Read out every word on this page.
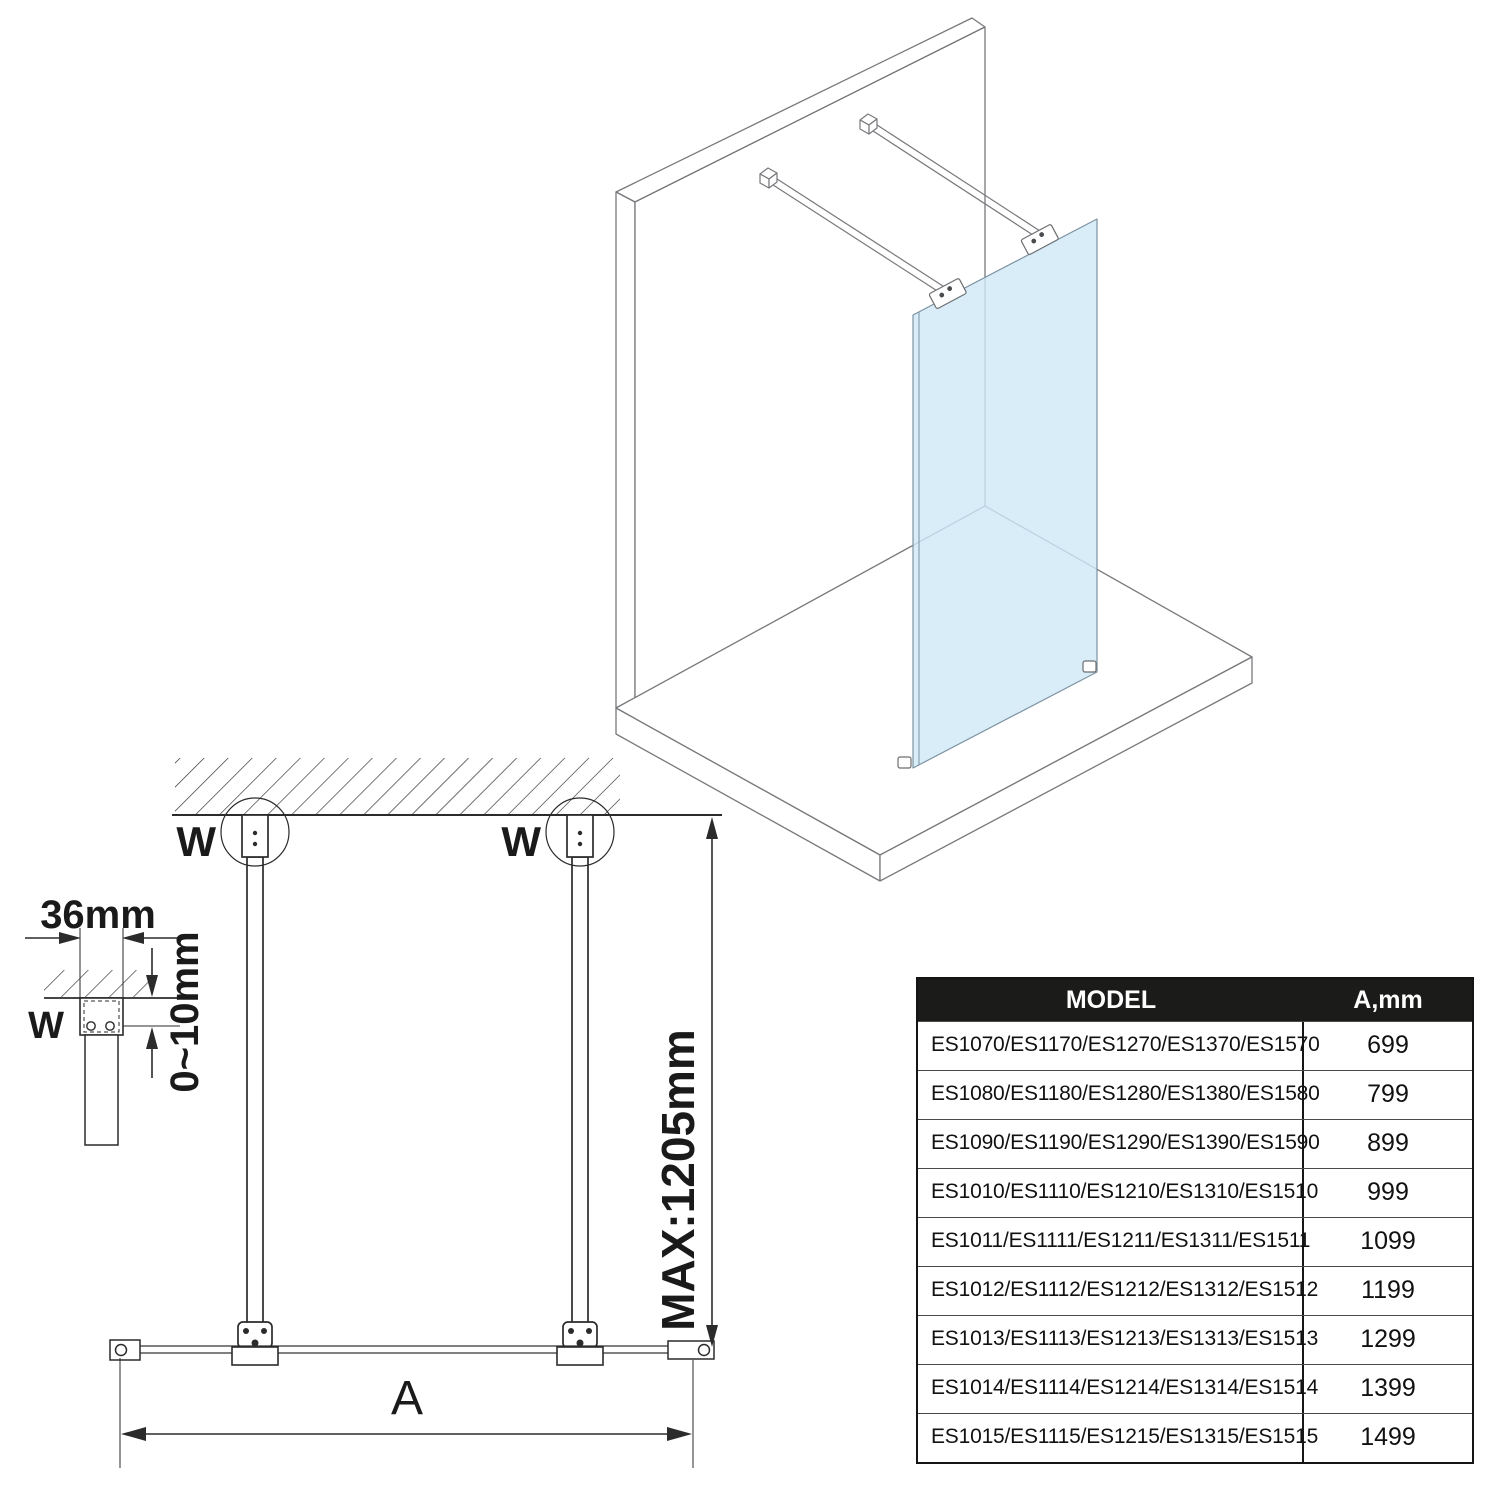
W	W
MAX:1205mm
A
36mm
W 0~10mm	MODEL	A,mm
ES1070/ES1170/ES1270/ES1370/ES1570	699
ES1080/ES1180/ES1280/ES1380/ES1580	799
ES1090/ES1190/ES1290/ES1390/ES1590	899
ES1010/ES1110/ES1210/ES1310/ES1510	999
ES1011/ES1111/ES1211/ES1311/ES1511	1099
ES1012/ES1112/ES1212/ES1312/ES1512	1199
ES1013/ES1113/ES1213/ES1313/ES1513	1299
ES1014/ES1114/ES1214/ES1314/ES1514	1399
ES1015/ES1115/ES1215/ES1315/ES1515	1499
